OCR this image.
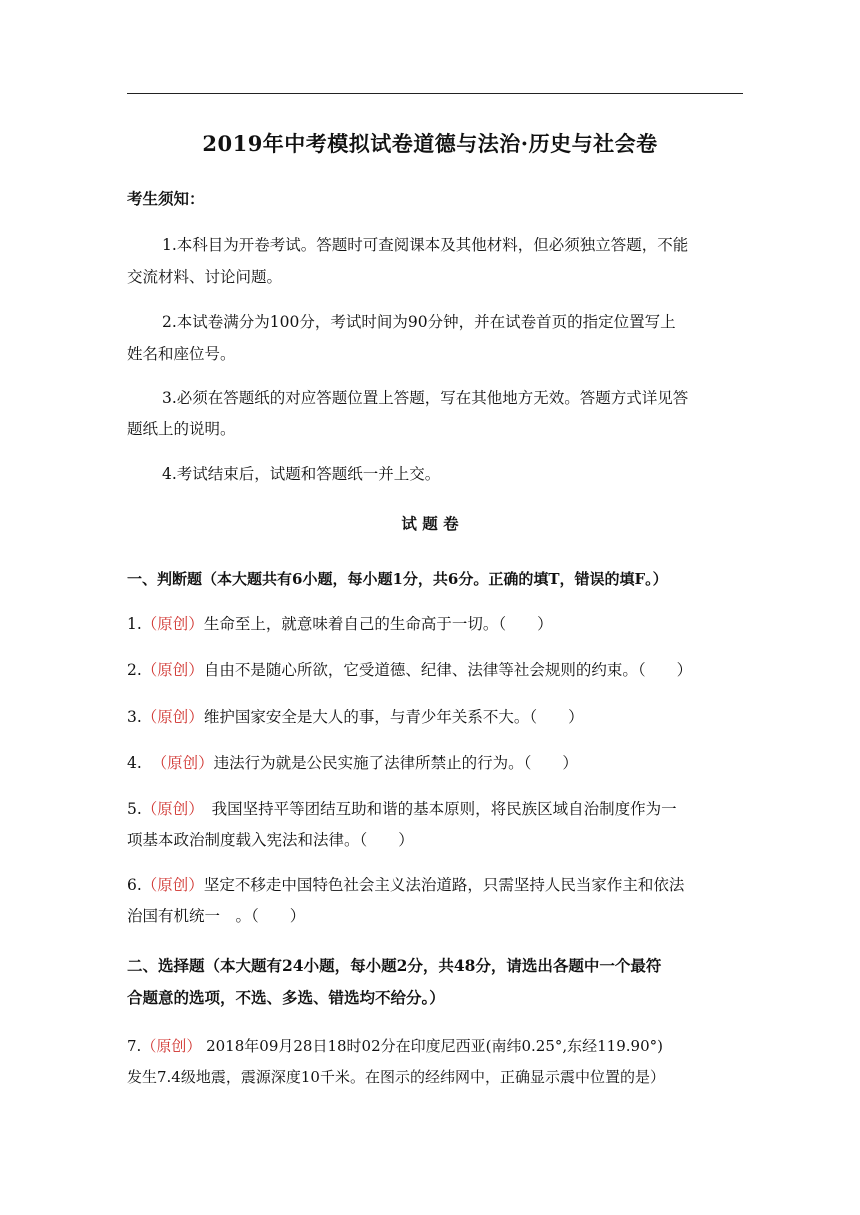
2019年中考模拟试卷道德与法治·历史与社会卷
考生须知：
1.本科目为开卷考试。答题时可查阅课本及其他材料，但必须独立答题，不能
交流材料、讨论问题。
2.本试卷满分为100分，考试时间为90分钟，并在试卷首页的指定位置写上
姓名和座位号。
3.必须在答题纸的对应答题位置上答题，写在其他地方无效。答题方式详见答
题纸上的说明。
4.考试结束后，试题和答题纸一并上交。
试 题 卷
一、判断题（本大题共有6小题，每小题1分，共6分。正确的填T，错误的填F。）
1.（原创）生命至上，就意味着自己的生命高于一切。（　　）
2.（原创）自由不是随心所欲，它受道德、纪律、法律等社会规则的约束。（　　）
3.（原创）维护国家安全是大人的事，与青少年关系不大。（　　）
4. （原创）违法行为就是公民实施了法律所禁止的行为。（　　）
5.（原创）　我国坚持平等团结互助和谐的基本原则，将民族区域自治制度作为一
项基本政治制度载入宪法和法律。（　　）
6.（原创）坚定不移走中国特色社会主义法治道路，只需坚持人民当家作主和依法
治国有机统一　。（　　）
二、选择题（本大题有24小题，每小题2分，共48分，请选出各题中一个最符
合题意的选项，不选、多选、错选均不给分。）
7.（原创） 2018年09月28日18时02分在印度尼西亚(南纬0.25°,东经119.90°)
发生7.4级地震，震源深度10千米。在图示的经纬网中，正确显示震中位置的是）
